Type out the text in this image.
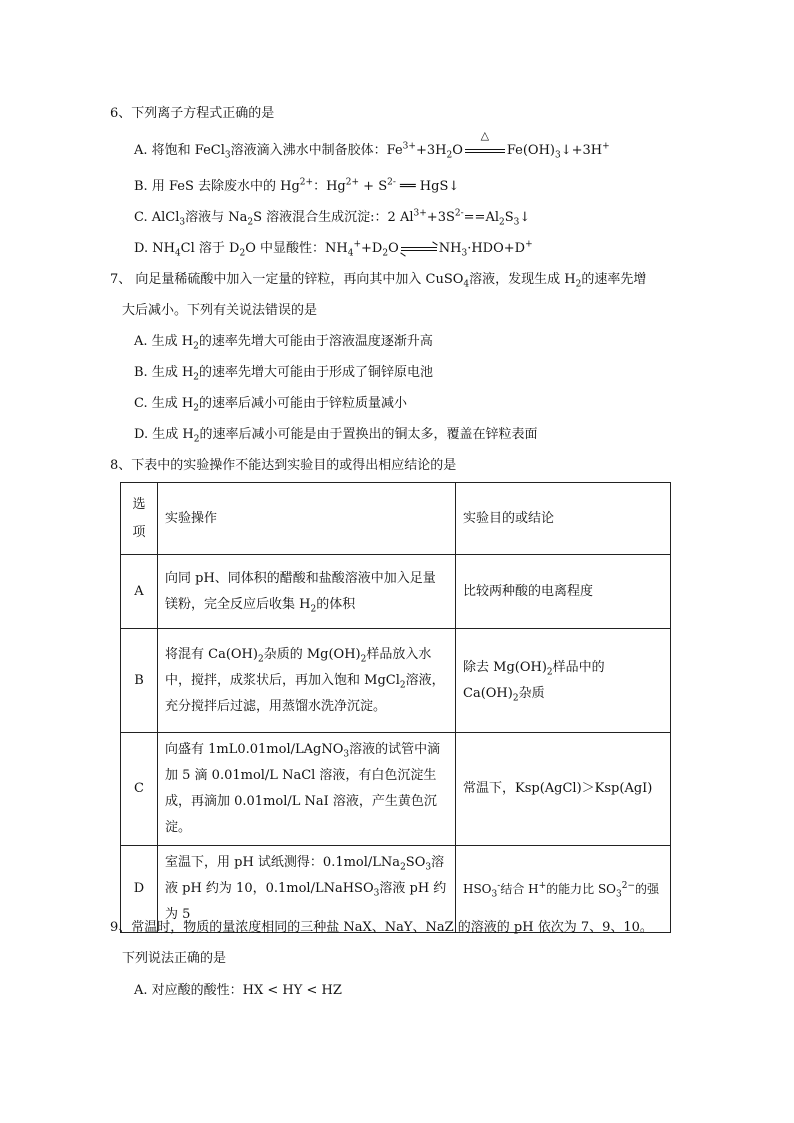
6、下列离子方程式正确的是
A. 将饱和 FeCl$_3$溶液滴入沸水中制备胶体：$Fe^{3+}+3H_2O$
△
$Fe(OH)_3↓+3H^+$
B. 用 FeS 去除废水中的 $Hg^{2+}$：$Hg^{2+} + S^{2-}$ ══ HgS↓
C. AlCl$_3$溶液与 $Na_2S$ 溶液混合生成沉淀:：2 $Al^{3+}+3S^{2-}==Al_2S_3↓$
D. $NH_4Cl$ 溶于 $D_2O$ 中显酸性：$NH_4^++D_2O\rightleftharpoons NH_3\cdot HDO+D^+$
7、 向足量稀硫酸中加入一定量的锌粒，再向其中加入 CuSO$_4$溶液，发现生成 $H_2$的速率先增
大后减小。下列有关说法错误的是
A. 生成 $H_2$的速率先增大可能由于溶液温度逐渐升高
B. 生成 $H_2$的速率先增大可能由于形成了铜锌原电池
C. 生成 $H_2$的速率后减小可能由于锌粒质量减小
D. 生成 $H_2$的速率后减小可能是由于置换出的铜太多，覆盖在锌粒表面
8、下表中的实验操作不能达到实验目的或得出相应结论的是
选项	实验操作	实验目的或结论
A	向同 pH、同体积的醋酸和盐酸溶液中加入足量镁粉，完全反应后收集 $H_2$的体积	比较两种酸的电离程度
B	将混有 $Ca(OH)_2$杂质的 $Mg(OH)_2$样品放入水中，搅拌，成浆状后，再加入饱和 MgCl$_2$溶液，充分搅拌后过滤，用蒸馏水洗净沉淀。	除去 $Mg(OH)_2$样品中的 $Ca(OH)_2$杂质
C	向盛有 1mL0.01mol/LAgNO$_3$溶液的试管中滴加 5 滴 0.01mol/L NaCl 溶液，有白色沉淀生成，再滴加 0.01mol/L NaI 溶液，产生黄色沉淀。	常温下，Ksp(AgCl)＞Ksp(AgI)
D	室温下，用 pH 试纸测得：$0.1mol/LNa_2SO_3$溶液 pH 约为 10，0.1mol/LNaHSO$_3$溶液 pH 约为 5	$HSO_3^-$结合 H+的能力比 $SO_3^{2-}$的强
9、常温时，物质的量浓度相同的三种盐 NaX、NaY、NaZ 的溶液的 pH 依次为 7、9、10。
下列说法正确的是
A. 对应酸的酸性：HX < HY < HZ
